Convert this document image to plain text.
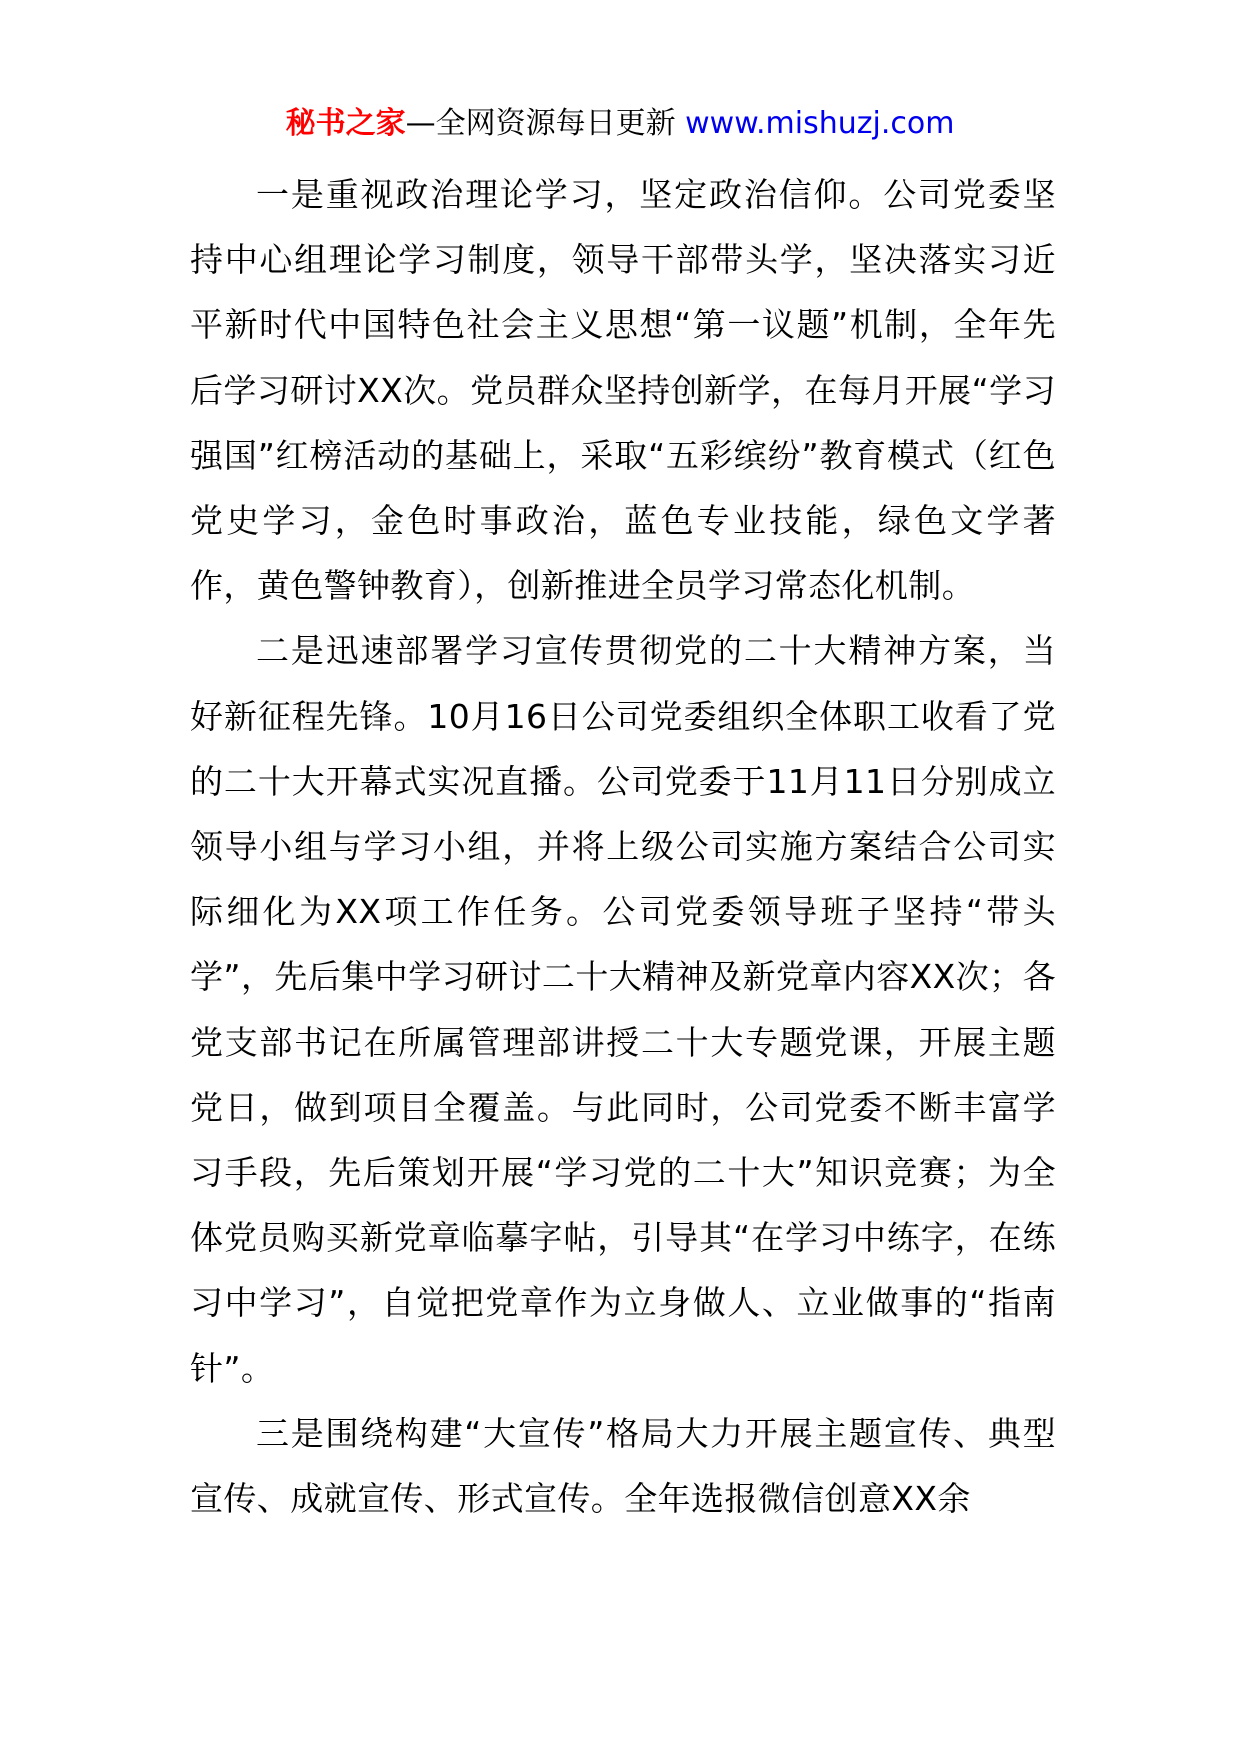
秘书之家—全网资源每日更新 www.mishuzj.com

一是重视政治理论学习，坚定政治信仰。公司党委坚持中心组理论学习制度，领导干部带头学，坚决落实习近平新时代中国特色社会主义思想“第一议题”机制，全年先后学习研讨XX次。党员群众坚持创新学，在每月开展“学习强国”红榜活动的基础上，采取“五彩缤纷”教育模式（红色党史学习，金色时事政治，蓝色专业技能，绿色文学著作，黄色警钟教育），创新推进全员学习常态化机制。

二是迅速部署学习宣传贯彻党的二十大精神方案，当好新征程先锋。10月16日公司党委组织全体职工收看了党的二十大开幕式实况直播。公司党委于11月11日分别成立领导小组与学习小组，并将上级公司实施方案结合公司实际细化为XX项工作任务。公司党委领导班子坚持“带头学”，先后集中学习研讨二十大精神及新党章内容XX次；各党支部书记在所属管理部讲授二十大专题党课，开展主题党日，做到项目全覆盖。与此同时，公司党委不断丰富学习手段，先后策划开展“学习党的二十大”知识竞赛；为全体党员购买新党章临摹字帖，引导其“在学习中练字，在练习中学习”，自觉把党章作为立身做人、立业做事的“指南针”。

三是围绕构建“大宣传”格局大力开展主题宣传、典型宣传、成就宣传、形式宣传。全年选报微信创意XX余
